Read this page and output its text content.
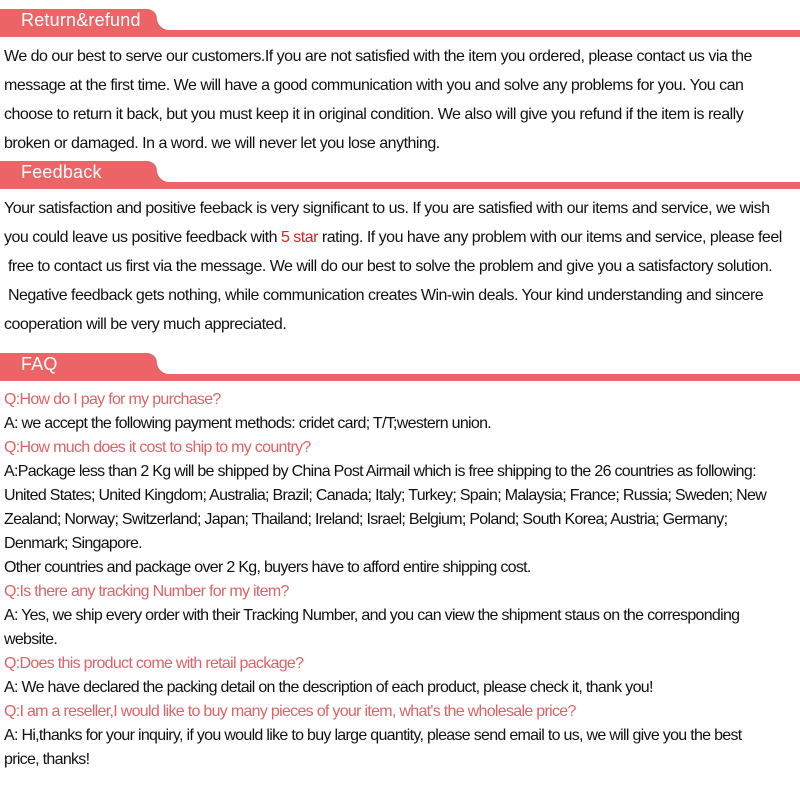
Return&refund
We do our best to serve our customers.If you are not satisfied with the item you ordered, please contact us via the
message at the first time. We will have a good communication with you and solve any problems for you. You can
choose to return it back, but you must keep it in original condition. We also will give you refund if the item is really
broken or damaged. In a word. we will never let you lose anything.
Feedback
Your satisfaction and positive feeback is very significant to us. If you are satisfied with our items and service, we wish
you could leave us positive feedback with 5 star rating. If you have any problem with our items and service, please feel
free to contact us first via the message. We will do our best to solve the problem and give you a satisfactory solution.
Negative feedback gets nothing, while communication creates Win-win deals. Your kind understanding and sincere
cooperation will be very much appreciated.
FAQ
Q:How do I pay for my purchase?
A: we accept the following payment methods: cridet card; T/T;western union.
Q:How much does it cost to ship to my country?
A:Package less than 2 Kg will be shipped by China Post Airmail which is free shipping to the 26 countries as following:
United States; United Kingdom; Australia; Brazil; Canada; Italy; Turkey; Spain; Malaysia; France; Russia; Sweden; New
Zealand; Norway; Switzerland; Japan; Thailand; Ireland; Israel; Belgium; Poland; South Korea; Austria; Germany;
Denmark; Singapore.
Other countries and package over 2 Kg, buyers have to afford entire shipping cost.
Q:Is there any tracking Number for my item?
A: Yes, we ship every order with their Tracking Number, and you can view the shipment staus on the corresponding
website.
Q:Does this product come with retail package?
A: We have declared the packing detail on the description of each product, please check it, thank you!
Q:I am a reseller,I would like to buy many pieces of your item, what's the wholesale price?
A: Hi,thanks for your inquiry, if you would like to buy large quantity, please send email to us, we will give you the best
price, thanks!
